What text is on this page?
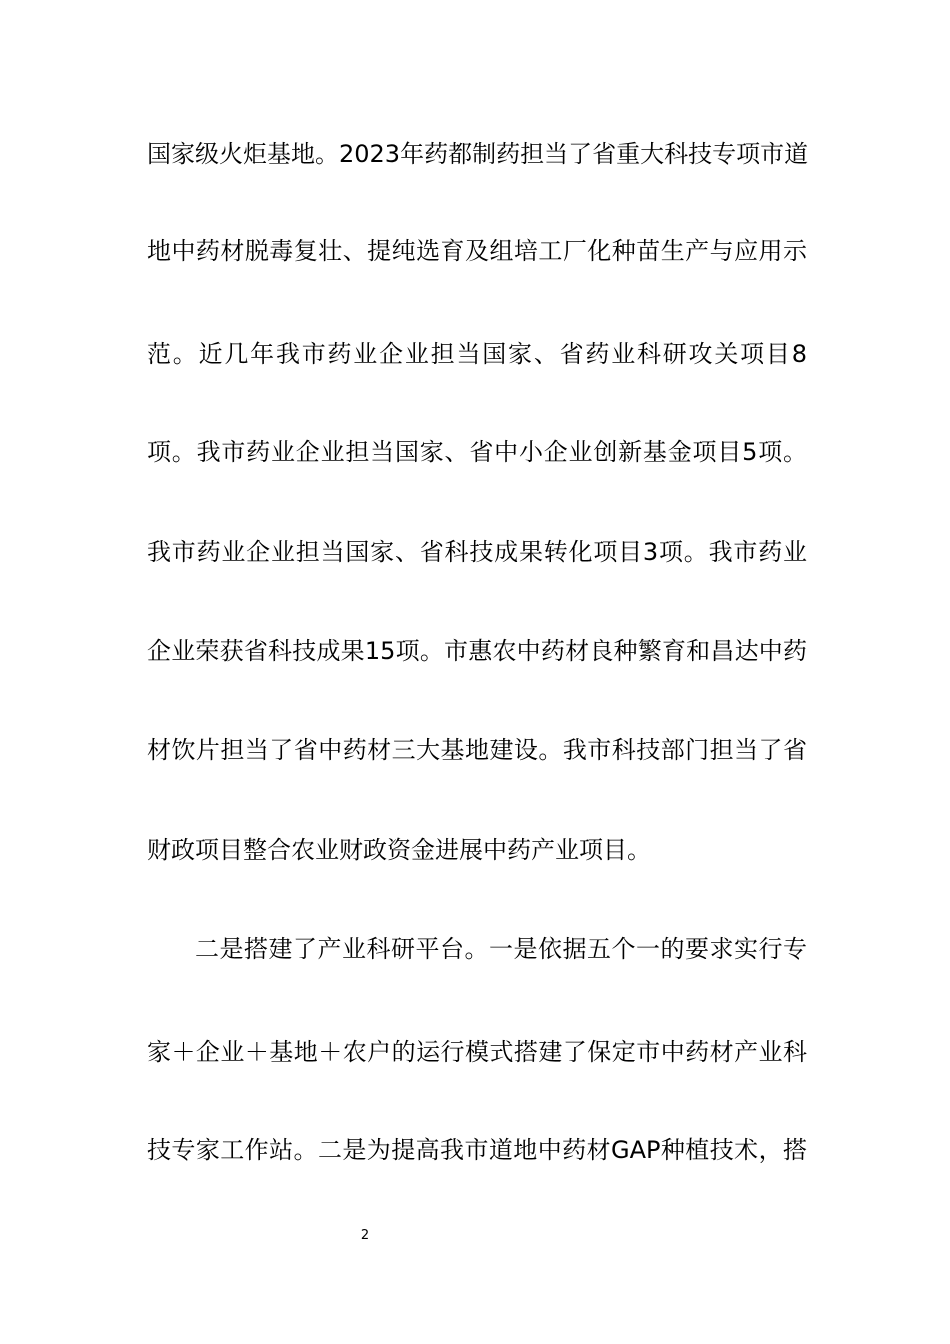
国家级火炬基地。2023年药都制药担当了省重大科技专项市道
地中药材脱毒复壮、提纯选育及组培工厂化种苗生产与应用示
范。近几年我市药业企业担当国家、省药业科研攻关项目8
项。我市药业企业担当国家、省中小企业创新基金项目5项。
我市药业企业担当国家、省科技成果转化项目3项。我市药业
企业荣获省科技成果15项。市惠农中药材良种繁育和昌达中药
材饮片担当了省中药材三大基地建设。我市科技部门担当了省
财政项目整合农业财政资金进展中药产业项目。
二是搭建了产业科研平台。一是依据五个一的要求实行专
家＋企业＋基地＋农户的运行模式搭建了保定市中药材产业科
技专家工作站。二是为提高我市道地中药材GAP种植技术，搭
2
